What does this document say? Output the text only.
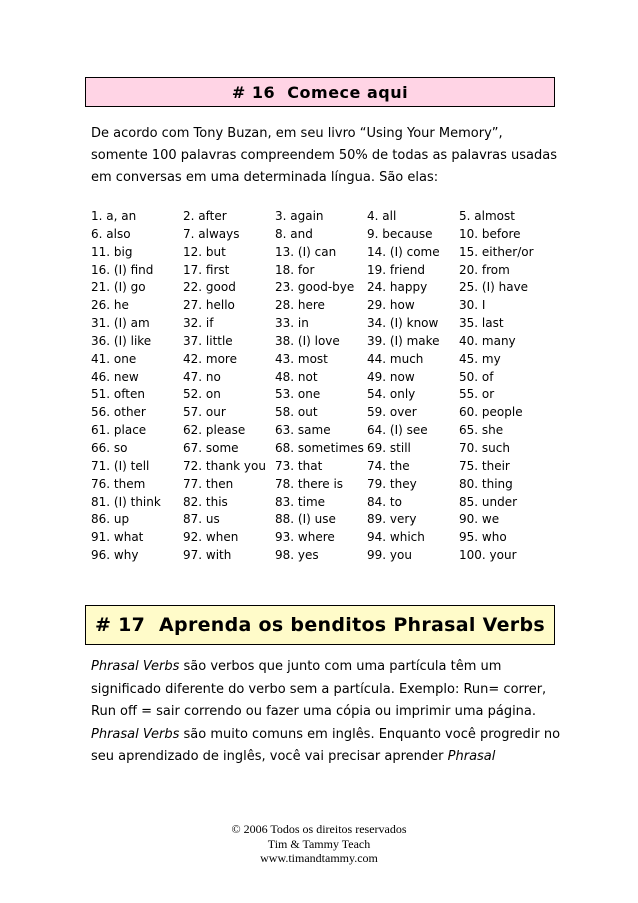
# 16  Comece aqui

De acordo com Tony Buzan, em seu livro “Using Your Memory”, somente 100 palavras compreendem 50% de todas as palavras usadas em conversas em uma determinada língua. São elas:

1. a, an	2. after	3. again	4. all	5. almost
6. also	7. always	8. and	9. because	10. before
11. big	12. but	13. (I) can	14. (I) come	15. either/or
16. (I) find	17. first	18. for	19. friend	20. from
21. (I) go	22. good	23. good-bye	24. happy	25. (I) have
26. he	27. hello	28. here	29. how	30. I
31. (I) am	32. if	33. in	34. (I) know	35. last
36. (I) like	37. little	38. (I) love	39. (I) make	40. many
41. one	42. more	43. most	44. much	45. my
46. new	47. no	48. not	49. now	50. of
51. often	52. on	53. one	54. only	55. or
56. other	57. our	58. out	59. over	60. people
61. place	62. please	63. same	64. (I) see	65. she
66. so	67. some	68. sometimes 69. still	70. such
71. (I) tell	72. thank you 73. that	74. the	75. their
76. them	77. then	78. there is	79. they	80. thing
81. (I) think	82. this	83. time	84. to	85. under
86. up	87. us	88. (I) use	89. very	90. we
91. what	92. when	93. where	94. which	95. who
96. why	97. with	98. yes	99. you	100. your
# 17  Aprenda os benditos Phrasal Verbs

Phrasal Verbs são verbos que junto com uma partícula têm um significado diferente do verbo sem a partícula. Exemplo: Run= correr, Run off = sair correndo ou fazer uma cópia ou imprimir uma página.

Phrasal Verbs são muito comuns em inglês. Enquanto você progredir no seu aprendizado de inglês, você vai precisar aprender Phrasal

© 2006 Todos os direitos reservados
Tim & Tammy Teach
www.timandtammy.com
